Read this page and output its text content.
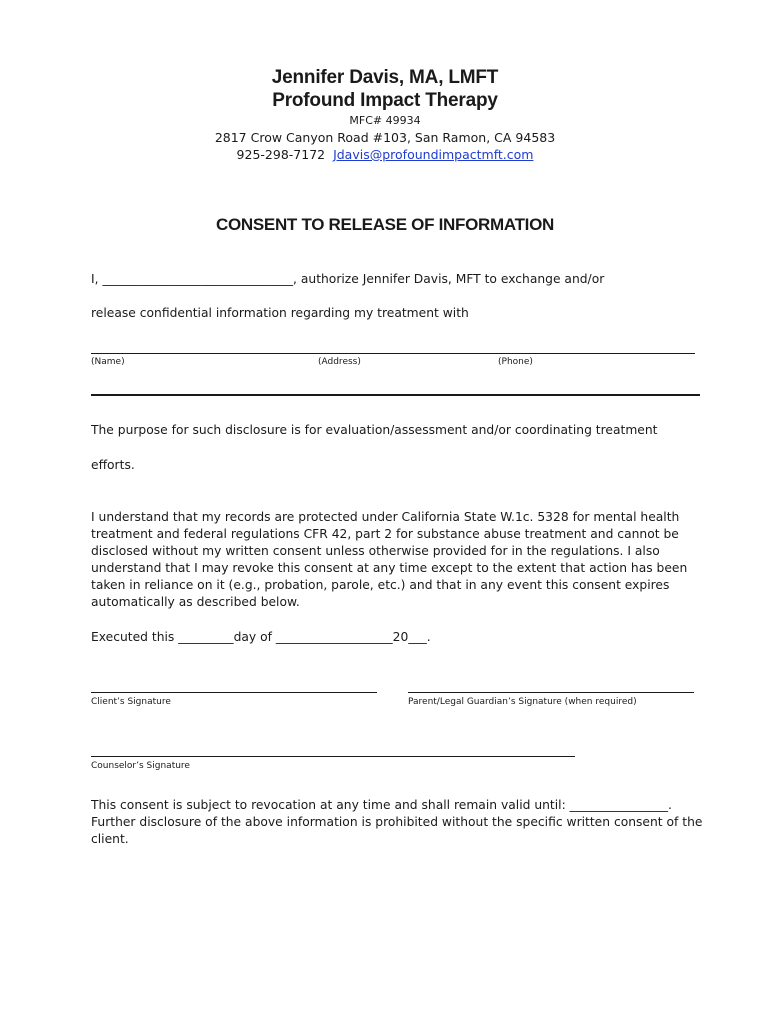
Jennifer Davis, MA, LMFT
Profound Impact Therapy
MFC# 49934
2817 Crow Canyon Road #103, San Ramon, CA 94583
925-298-7172 Jdavis@profoundimpactmft.com
CONSENT TO RELEASE OF INFORMATION
I, _______________________________, authorize Jennifer Davis, MFT to exchange and/or
release confidential information regarding my treatment with
(Name)	(Address)	(Phone)
The purpose for such disclosure is for evaluation/assessment and/or coordinating treatment
efforts.
I understand that my records are protected under California State W.1c. 5328 for mental health
treatment and federal regulations CFR 42, part 2 for substance abuse treatment and cannot be
disclosed without my written consent unless otherwise provided for in the regulations. I also
understand that I may revoke this consent at any time except to the extent that action has been
taken in reliance on it (e.g., probation, parole, etc.) and that in any event this consent expires
automatically as described below.
Executed this _________day of ___________________20___.
Client’s Signature	Parent/Legal Guardian’s Signature (when required)
Counselor’s Signature
This consent is subject to revocation at any time and shall remain valid until: ________________.
Further disclosure of the above information is prohibited without the specific written consent of the
client.
